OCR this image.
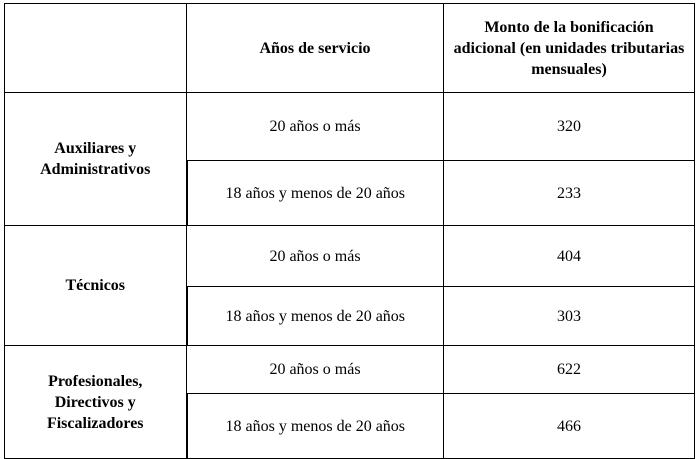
	Años de servicio	Monto de la bonificación adicional (en unidades tributarias mensuales)
Auxiliares y Administrativos	20 años o más	320
	18 años y menos de 20 años	233
Técnicos	20 años o más	404
	18 años y menos de 20 años	303
Profesionales, Directivos y Fiscalizadores	20 años o más	622
	18 años y menos de 20 años	466
